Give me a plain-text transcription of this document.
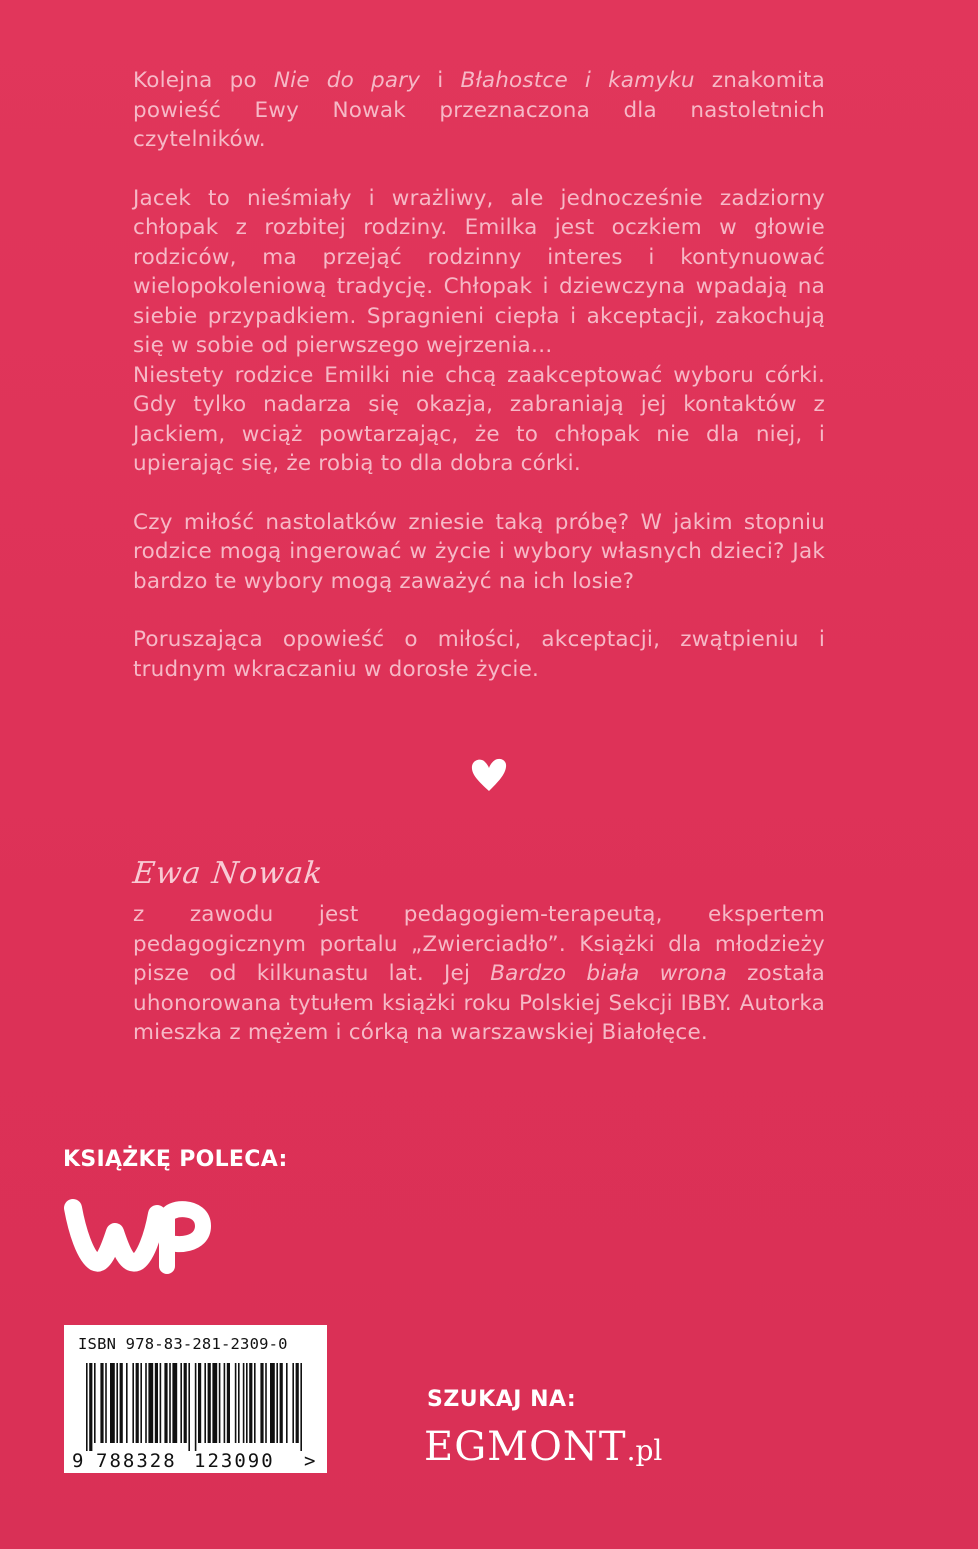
Kolejna po Nie do pary i Błahostce i kamyku znakomita powieść Ewy Nowak przeznaczona dla nastoletnich czytelników.

Jacek to nieśmiały i wrażliwy, ale jednocześnie zadziorny chłopak z rozbitej rodziny. Emilka jest oczkiem w głowie rodziców, ma przejąć rodzinny interes i kontynuować wielopokoleniową tradycję. Chłopak i dziewczyna wpadają na siebie przypadkiem. Spragnieni ciepła i akceptacji, zakochują się w sobie od pierwszego wejrzenia…

Niestety rodzice Emilki nie chcą zaakceptować wyboru córki. Gdy tylko nadarza się okazja, zabraniają jej kontaktów z Jackiem, wciąż powtarzając, że to chłopak nie dla niej, i upierając się, że robią to dla dobra córki.

Czy miłość nastolatków zniesie taką próbę? W jakim stopniu rodzice mogą ingerować w życie i wybory własnych dzieci? Jak bardzo te wybory mogą zaważyć na ich losie?

Poruszająca opowieść o miłości, akceptacji, zwątpieniu i trudnym wkraczaniu w dorosłe życie.

Ewa Nowak

z zawodu jest pedagogiem-terapeutą, ekspertem pedagogicznym portalu „Zwierciadło”. Książki dla młodzieży pisze od kilkunastu lat. Jej Bardzo biała wrona została uhonorowana tytułem książki roku Polskiej Sekcji IBBY. Autorka mieszka z mężem i córką na warszawskiej Białołęce.

KSIĄŻKĘ POLECA:
ISBN 978-83-281-2309-0
9 788328 123090 >
SZUKAJ NA:
EGMONT.pl
